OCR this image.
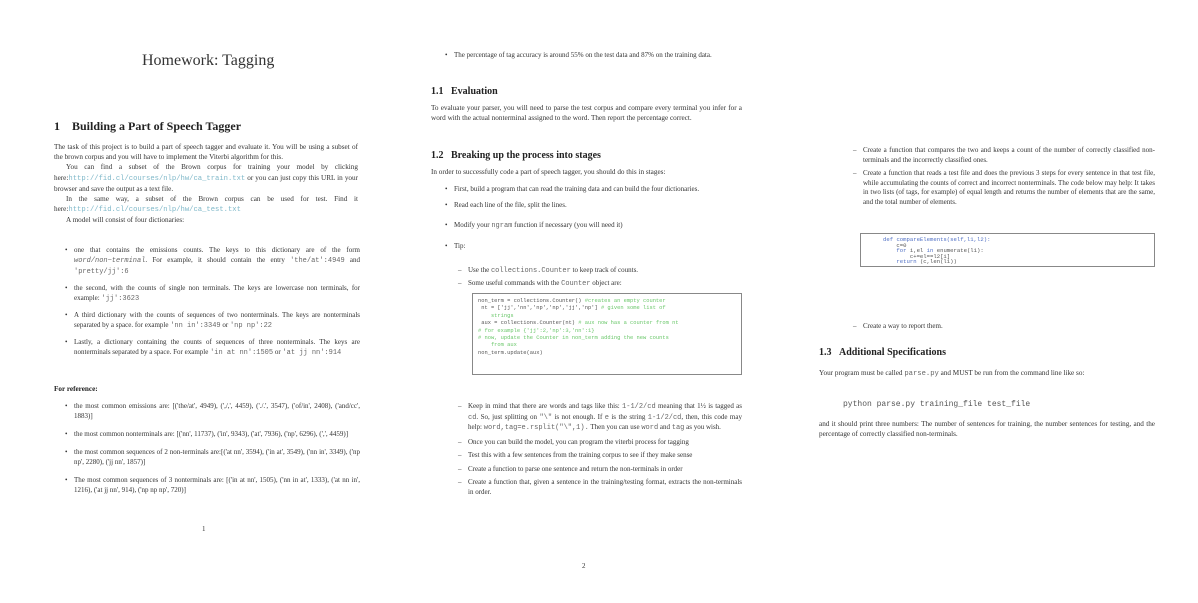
Homework: Tagging
1 Building a Part of Speech Tagger

The task of this project is to build a part of speech tagger and evaluate it. You will be using a subset of the brown corpus and you will have to implement the Viterbi algorithm for this.

You can find a subset of the Brown corpus for training your model by clicking here:http://fid.cl/courses/nlp/hw/ca_train.txt or you can just copy this URL in your browser and save the output as a text file.

In the same way, a subset of the Brown corpus can be used for test. Find it here:http://fid.cl/courses/nlp/hw/ca_test.txt

A model will consist of four dictionaries:

• one that contains the emissions counts. The keys to this dictionary are of the form word/non−terminal. For example, it should contain the entry 'the/at':4949 and 'pretty/jj':6
• the second, with the counts of single non terminals. The keys are lowercase non terminals, for example: 'jj':3623
• A third dictionary with the counts of sequences of two nonterminals. The keys are nonterminals separated by a space. for example 'nn in':3349 or 'np np':22
• Lastly, a dictionary containing the counts of sequences of three nonterminals. The keys are nonterminals separated by a space. For example 'in at nn':1505 or 'at jj nn':914
For reference:
• the most common emissions are: [('the/at', 4949), (',/,', 4459), ('./.', 3547), ('of/in', 2408), ('and/cc', 1883)]
• the most common nonterminals are: [('nn', 11737), ('in', 9343), ('at', 7936), ('np', 6296), (',', 4459)]
• the most common sequences of 2 non-terminals are:[('at nn', 3594), ('in at', 3549), ('nn in', 3349), ('np np', 2280), ('jj nn', 1857)]
• The most common sequences of 3 nonterminals are: [('in at nn', 1505), ('nn in at', 1333), ('at nn in', 1216), ('at jj nn', 914), ('np np np', 720)]
1
• The percentage of tag accuracy is around 55% on the test data and 87% on the training data.
1.1 Evaluation
To evaluate your parser, you will need to parse the test corpus and compare every terminal you infer for a word with the actual nonterminal assigned to the word. Then report the percentage correct.
1.2 Breaking up the process into stages
In order to successfully code a part of speech tagger, you should do this in stages:
• First, build a program that can read the training data and can build the four dictionaries.
• Read each line of the file, split the lines.
• Modify your ngram function if necessary (you will need it)
• Tip:
– Use the collections.Counter to keep track of counts.
– Some useful commands with the Counter object are:
non_term = collections.Counter() #creates an empty counter
nt = ['jj','nn','np','np','jj','np'] # given some list of
strings
aux = collections.Counter(nt) # aux now has a counter from nt
# for example {'jj':2,'np':3,'nn':1}
# now, update the Counter in non_term adding the new counts
from aux
non_term.update(aux)
– Keep in mind that there are words and tags like this: 1-1/2/cd meaning that 1½ is tagged as cd. So, just splitting on "\" is not enough. If e is the string 1-1/2/cd, then, this code may help: word,tag=e.rsplit("\",1). Then you can use word and tag as you wish.
– Once you can build the model, you can program the viterbi process for tagging
– Test this with a few sentences from the training corpus to see if they make sense
– Create a function to parse one sentence and return the non-terminals in order
– Create a function that, given a sentence in the training/testing format, extracts the non-terminals in order.
2
– Create a function that compares the two and keeps a count of the number of correctly classified non-terminals and the incorrectly classified ones.
– Create a function that reads a test file and does the previous 3 steps for every sentence in that test file, while accumulating the counts of correct and incorrect nonterminals. The code below may help: It takes in two lists (of tags, for example) of equal length and returns the number of elements that are the same, and the total number of elements.
def compareElements(self,l1,l2):
c=0
for i,el in enumerate(l1):
c+=el==l2[i]
return (c,len(l1))
– Create a way to report them.
1.3 Additional Specifications
Your program must be called parse.py and MUST be run from the command line like so:
python parse.py training_file test_file
and it should print three numbers: The number of sentences for training, the number sentences for testing, and the percentage of correctly classified non-terminals.
